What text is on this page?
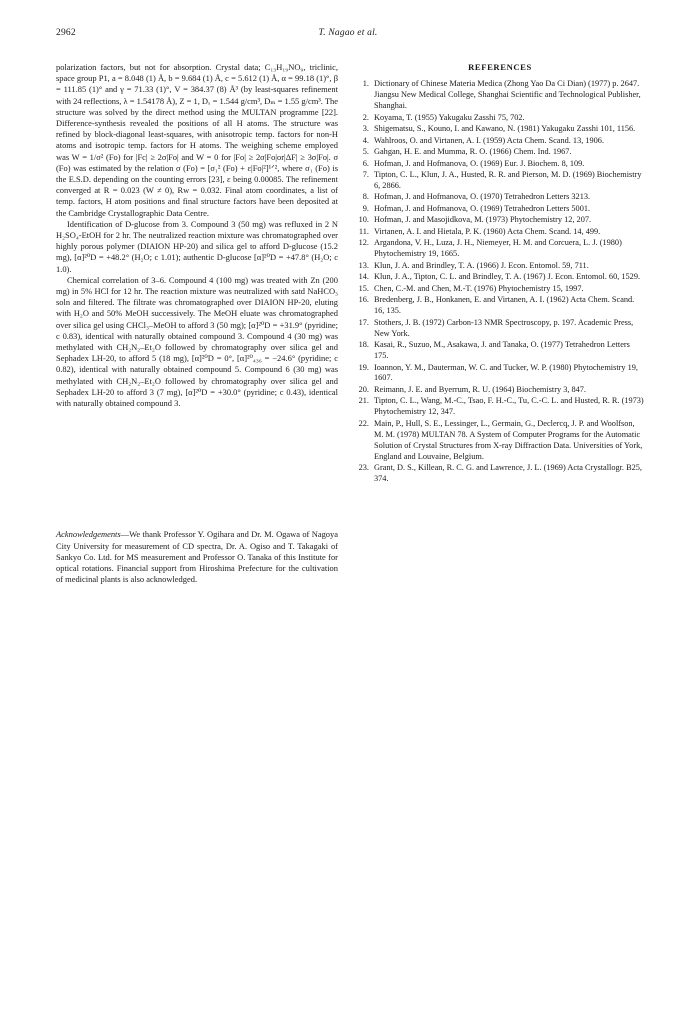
2962	T. Nagao et al.

polarization factors, but not for absorption. Crystal data; C₁₃H₁₉NO₉, triclinic, space group P1, a = 8.048 (1) Å, b = 9.684 (1) Å, c = 5.612 (1) Å, α = 99.18 (1)°, β = 111.85 (1)° and γ = 71.33 (1)°, V = 384.37 (8) Å³ (by least-squares refinement with 24 reflections, λ = 1.54178 Å), Z = 1, Dₓ = 1.544 g/cm³, Dₘ = 1.55 g/cm³. The structure was solved by the direct method using the MULTAN programme [22]. Difference-synthesis revealed the positions of all H atoms. The structure was refined by block-diagonal least-squares, with anisotropic temp. factors for non-H atoms and isotropic temp. factors for H atoms. The weighing scheme employed was W = 1/σ² (Fo) for |Fc| ≥ 2σ|Fo| and W = 0 for |Fo| ≥ 2σ|Fo|or|ΔF| ≥ 3σ|Fo|. σ (Fo) was estimated by the relation σ (Fo) = [σ₁² (Fo) + ε|Fo|²]¹ᐟ², where σ₁ (Fo) is the E.S.D. depending on the counting errors [23], ε being 0.00085. The refinement converged at R = 0.023 (W ≠ 0), Rw = 0.032. Final atom coordinates, a list of temp. factors, H atom positions and final structure factors have been deposited at the Cambridge Crystallographic Data Centre.

Identification of D-glucose from 3. Compound 3 (50 mg) was refluxed in 2 N H₂SO₄-EtOH for 2 hr. The neutralized reaction mixture was chromatographed over highly porous polymer (DIAION HP-20) and silica gel to afford D-glucose (15.2 mg), [α]²⁰D = +48.2° (H₂O; c 1.01); authentic D-glucose [α]²⁰D = +47.8° (H₂O; c 1.0).

Chemical correlation of 3–6. Compound 4 (100 mg) was treated with Zn (200 mg) in 5% HCl for 12 hr. The reaction mixture was neutralized with satd NaHCO₃ soln and filtered. The filtrate was chromatographed over DIAION HP-20, eluting with H₂O and 50% MeOH successively. The MeOH eluate was chromatographed over silica gel using CHCl₃–MeOH to afford 3 (50 mg); [α]²⁰D = +31.9° (pyridine; c 0.83), identical with naturally obtained compound 3. Compound 4 (30 mg) was methylated with CH₂N₂–Et₂O followed by chromatography over silica gel and Sephadex LH-20, to afford 5 (18 mg), [α]²⁰D = 0°, [α]²⁰₄₃₆ = −24.6° (pyridine; c 0.82), identical with naturally obtained compound 5. Compound 6 (30 mg) was methylated with CH₂N₂–Et₂O followed by chromatography over silica gel and Sephadex LH-20 to afford 3 (7 mg), [α]²⁰D = +30.0° (pyridine; c 0.43), identical with naturally obtained compound 3.

Acknowledgements—We thank Professor Y. Ogihara and Dr. M. Ogawa of Nagoya City University for measurement of CD spectra, Dr. A. Ogiso and T. Takagaki of Sankyo Co. Ltd. for MS measurement and Professor O. Tanaka of this Institute for optical rotations. Financial support from Hiroshima Prefecture for the cultivation of medicinal plants is also acknowledged.

REFERENCES
1. Dictionary of Chinese Materia Medica (Zhong Yao Da Ci Dian) (1977) p. 2647. Jiangsu New Medical College, Shanghai Scientific and Technological Publisher, Shanghai.
2. Koyama, T. (1955) Yakugaku Zasshi 75, 702.
3. Shigematsu, S., Kouno, I. and Kawano, N. (1981) Yakugaku Zasshi 101, 1156.
4. Wahlroos, O. and Virtanen, A. I. (1959) Acta Chem. Scand. 13, 1906.
5. Gahgan, H. E. and Mumma, R. O. (1966) Chem. Ind. 1967.
6. Hofman, J. and Hofmanova, O. (1969) Eur. J. Biochem. 8, 109.
7. Tipton, C. L., Klun, J. A., Husted, R. R. and Pierson, M. D. (1969) Biochemistry 6, 2866.
8. Hofman, J. and Hofmanova, O. (1970) Tetrahedron Letters 3213.
9. Hofman, J. and Hofmanova, O. (1969) Tetrahedron Letters 5001.
10. Hofman, J. and Masojidkova, M. (1973) Phytochemistry 12, 207.
11. Virtanen, A. I. and Hietala, P. K. (1960) Acta Chem. Scand. 14, 499.
12. Argandona, V. H., Luza, J. H., Niemeyer, H. M. and Corcuera, L. J. (1980) Phytochemistry 19, 1665.
13. Klun, J. A. and Brindley, T. A. (1966) J. Econ. Entomol. 59, 711.
14. Klun, J. A., Tipton, C. L. and Brindley, T. A. (1967) J. Econ. Entomol. 60, 1529.
15. Chen, C.-M. and Chen, M.-T. (1976) Phytochemistry 15, 1997.
16. Bredenberg, J. B., Honkanen, E. and Virtanen, A. I. (1962) Acta Chem. Scand. 16, 135.
17. Stothers, J. B. (1972) Carbon-13 NMR Spectroscopy, p. 197. Academic Press, New York.
18. Kasai, R., Suzuo, M., Asakawa, J. and Tanaka, O. (1977) Tetrahedron Letters 175.
19. Ioannon, Y. M., Dauterman, W. C. and Tucker, W. P. (1980) Phytochemistry 19, 1607.
20. Reimann, J. E. and Byerrum, R. U. (1964) Biochemistry 3, 847.
21. Tipton, C. L., Wang, M.-C., Tsao, F. H.-C., Tu, C.-C. L. and Husted, R. R. (1973) Phytochemistry 12, 347.
22. Main, P., Hull, S. E., Lessinger, L., Germain, G., Declercq, J. P. and Woolfson, M. M. (1978) MULTAN 78. A System of Computer Programs for the Automatic Solution of Crystal Structures from X-ray Diffraction Data. Universities of York, England and Louvaine, Belgium.
23. Grant, D. S., Killean, R. C. G. and Lawrence, J. L. (1969) Acta Crystallogr. B25, 374.
